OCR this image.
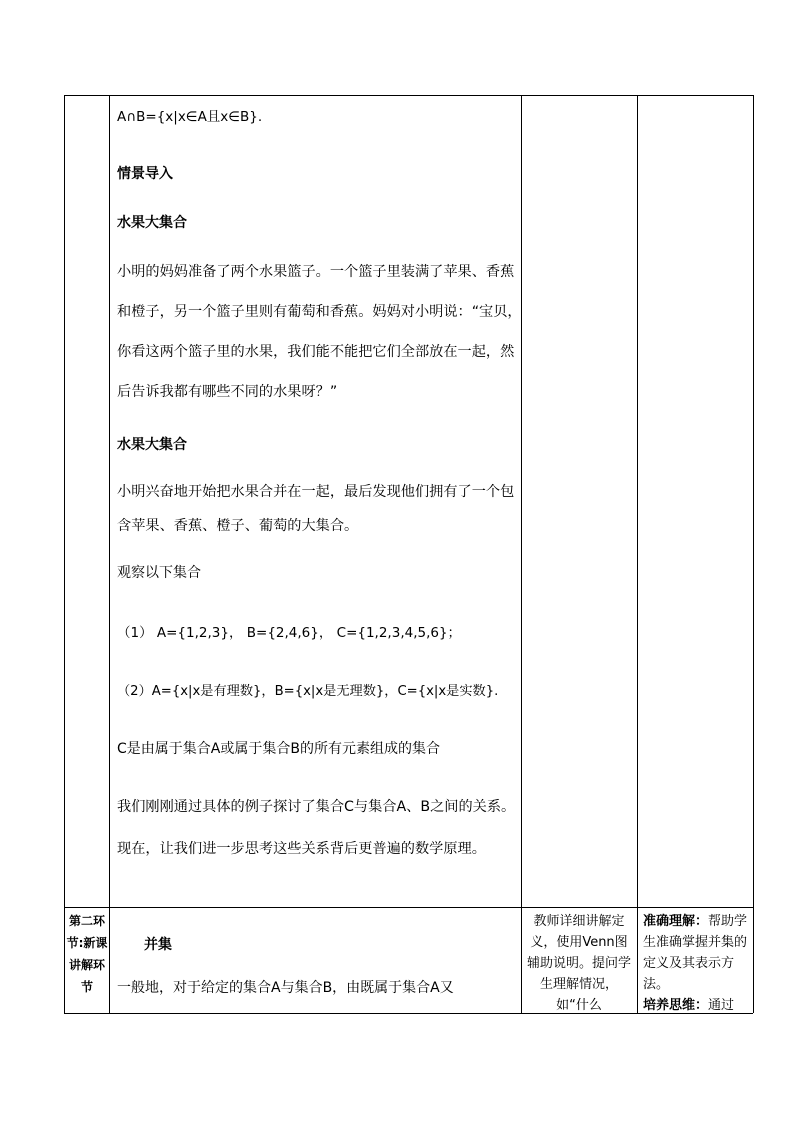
A∩B={x|x∈A且x∈B}.

情景导入

水果大集合

小明的妈妈准备了两个水果篮子。一个篮子里装满了苹果、香蕉和橙子，另一个篮子里则有葡萄和香蕉。妈妈对小明说：“宝贝，你看这两个篮子里的水果，我们能不能把它们全部放在一起，然后告诉我都有哪些不同的水果呀？”

水果大集合

小明兴奋地开始把水果合并在一起，最后发现他们拥有了一个包含苹果、香蕉、橙子、葡萄的大集合。

观察以下集合

（1） A={1,2,3}， B={2,4,6}， C={1,2,3,4,5,6}；

（2）A={x|x是有理数}，B={x|x是无理数}，C={x|x是实数}.

C是由属于集合A或属于集合B的所有元素组成的集合

我们刚刚通过具体的例子探讨了集合C与集合A、B之间的关系。现在，让我们进一步思考这些关系背后更普遍的数学原理。

第二环节:新课讲解环节

并集

一般地，对于给定的集合A与集合B，由既属于集合A又

教师详细讲解定义，使用Venn图辅助说明。提问学生理解情况，如“什么
准确理解：帮助学生准确掌握并集的定义及其表示方法。
培养思维：通过
